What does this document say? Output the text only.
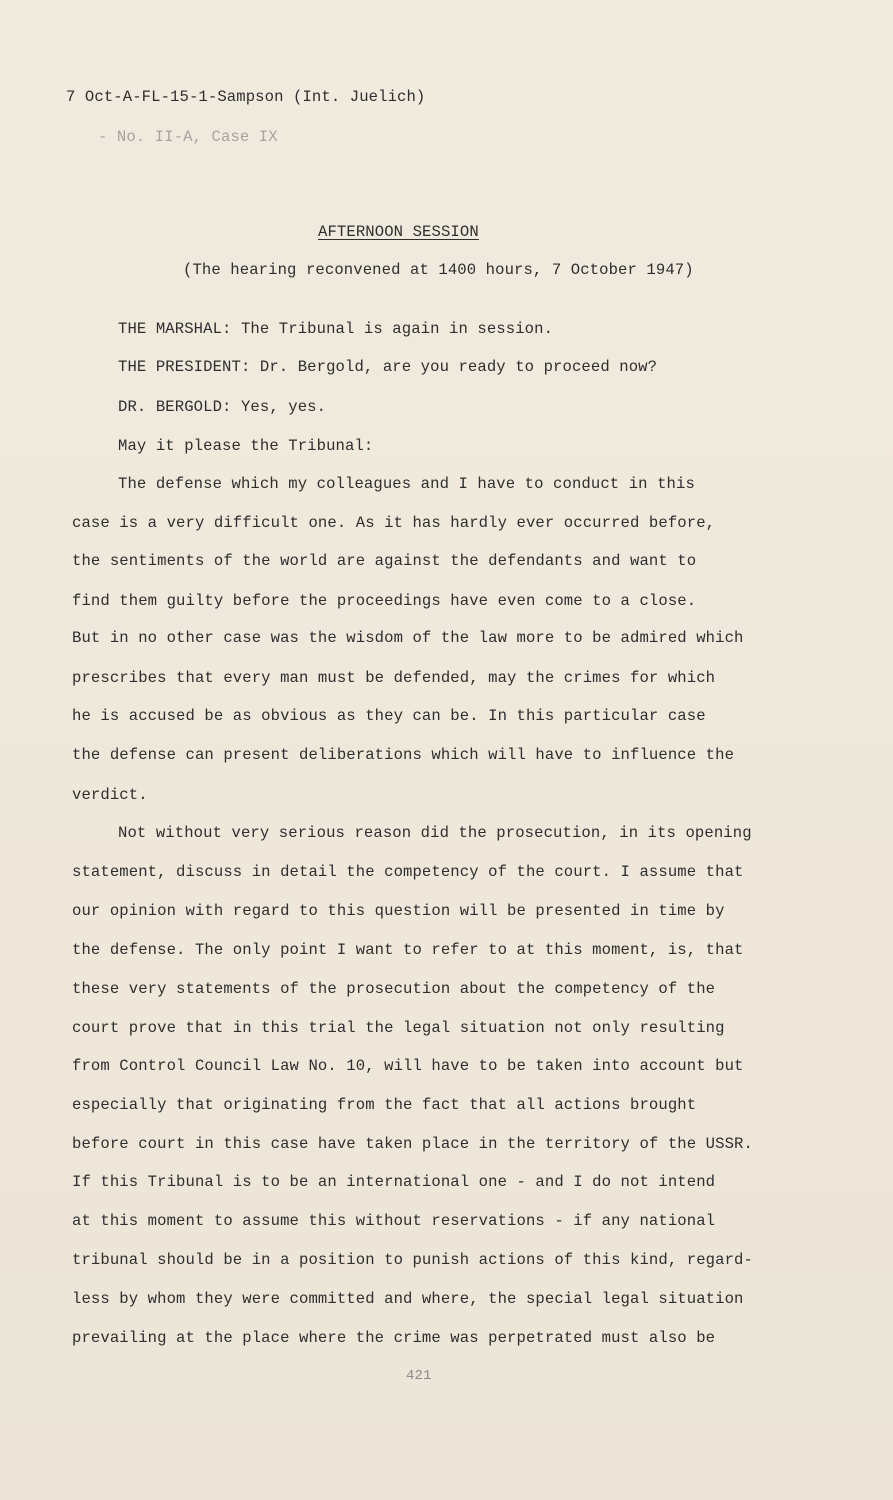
7 Oct-A-FL-15-1-Sampson (Int. Juelich)
- No. II-A, Case IX
AFTERNOON SESSION
(The hearing reconvened at 1400 hours, 7 October 1947)
THE MARSHAL: The Tribunal is again in session.
THE PRESIDENT: Dr. Bergold, are you ready to proceed now?
DR. BERGOLD: Yes, yes.
May it please the Tribunal:
The defense which my colleagues and I have to conduct in this
case is a very difficult one. As it has hardly ever occurred before,
the sentiments of the world are against the defendants and want to
find them guilty before the proceedings have even come to a close.
But in no other case was the wisdom of the law more to be admired which
prescribes that every man must be defended, may the crimes for which
he is accused be as obvious as they can be. In this particular case
the defense can present deliberations which will have to influence the
verdict.
Not without very serious reason did the prosecution, in its opening
statement, discuss in detail the competency of the court. I assume that
our opinion with regard to this question will be presented in time by
the defense. The only point I want to refer to at this moment, is, that
these very statements of the prosecution about the competency of the
court prove that in this trial the legal situation not only resulting
from Control Council Law No. 10, will have to be taken into account but
especially that originating from the fact that all actions brought
before court in this case have taken place in the territory of the USSR.
If this Tribunal is to be an international one - and I do not intend
at this moment to assume this without reservations - if any national
tribunal should be in a position to punish actions of this kind, regard-
less by whom they were committed and where, the special legal situation
prevailing at the place where the crime was perpetrated must also be
421
